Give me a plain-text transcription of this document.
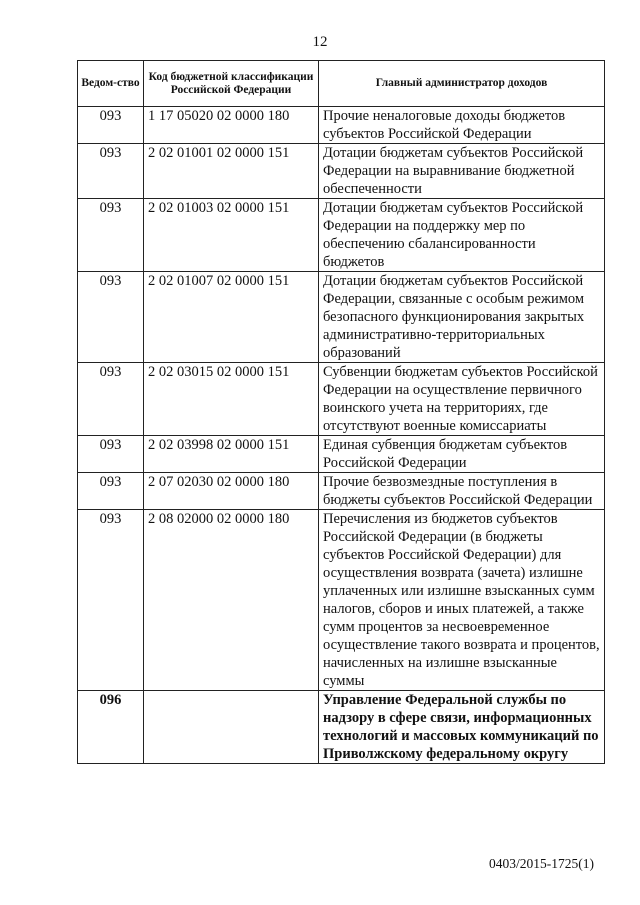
12
Ведом-ство	Код бюджетной классификации Российской Федерации	Главный администратор доходов
093	1 17 05020 02 0000 180	Прочие неналоговые доходы бюджетов субъектов Российской Федерации
093	2 02 01001 02 0000 151	Дотации бюджетам субъектов Российской Федерации на выравнивание бюджетной обеспеченности
093	2 02 01003 02 0000 151	Дотации бюджетам субъектов Российской Федерации на поддержку мер по обеспечению сбалансированности бюджетов
093	2 02 01007 02 0000 151	Дотации бюджетам субъектов Российской Федерации, связанные с особым режимом безопасного функционирования закрытых административно-территориальных образований
093	2 02 03015 02 0000 151	Субвенции бюджетам субъектов Российской Федерации на осуществление первичного воинского учета на территориях, где отсутствуют военные комиссариаты
093	2 02 03998 02 0000 151	Единая субвенция бюджетам субъектов Российской Федерации
093	2 07 02030 02 0000 180	Прочие безвозмездные поступления в бюджеты субъектов Российской Федерации
093	2 08 02000 02 0000 180	Перечисления из бюджетов субъектов Российской Федерации (в бюджеты субъектов Российской Федерации) для осуществления возврата (зачета) излишне уплаченных или излишне взысканных сумм налогов, сборов и иных платежей, а также сумм процентов за несвоевременное осуществление такого возврата и процентов, начисленных на излишне взысканные суммы
096		Управление Федеральной службы по надзору в сфере связи, информационных технологий и массовых коммуникаций по Приволжскому федеральному округу
0403/2015-1725(1)
